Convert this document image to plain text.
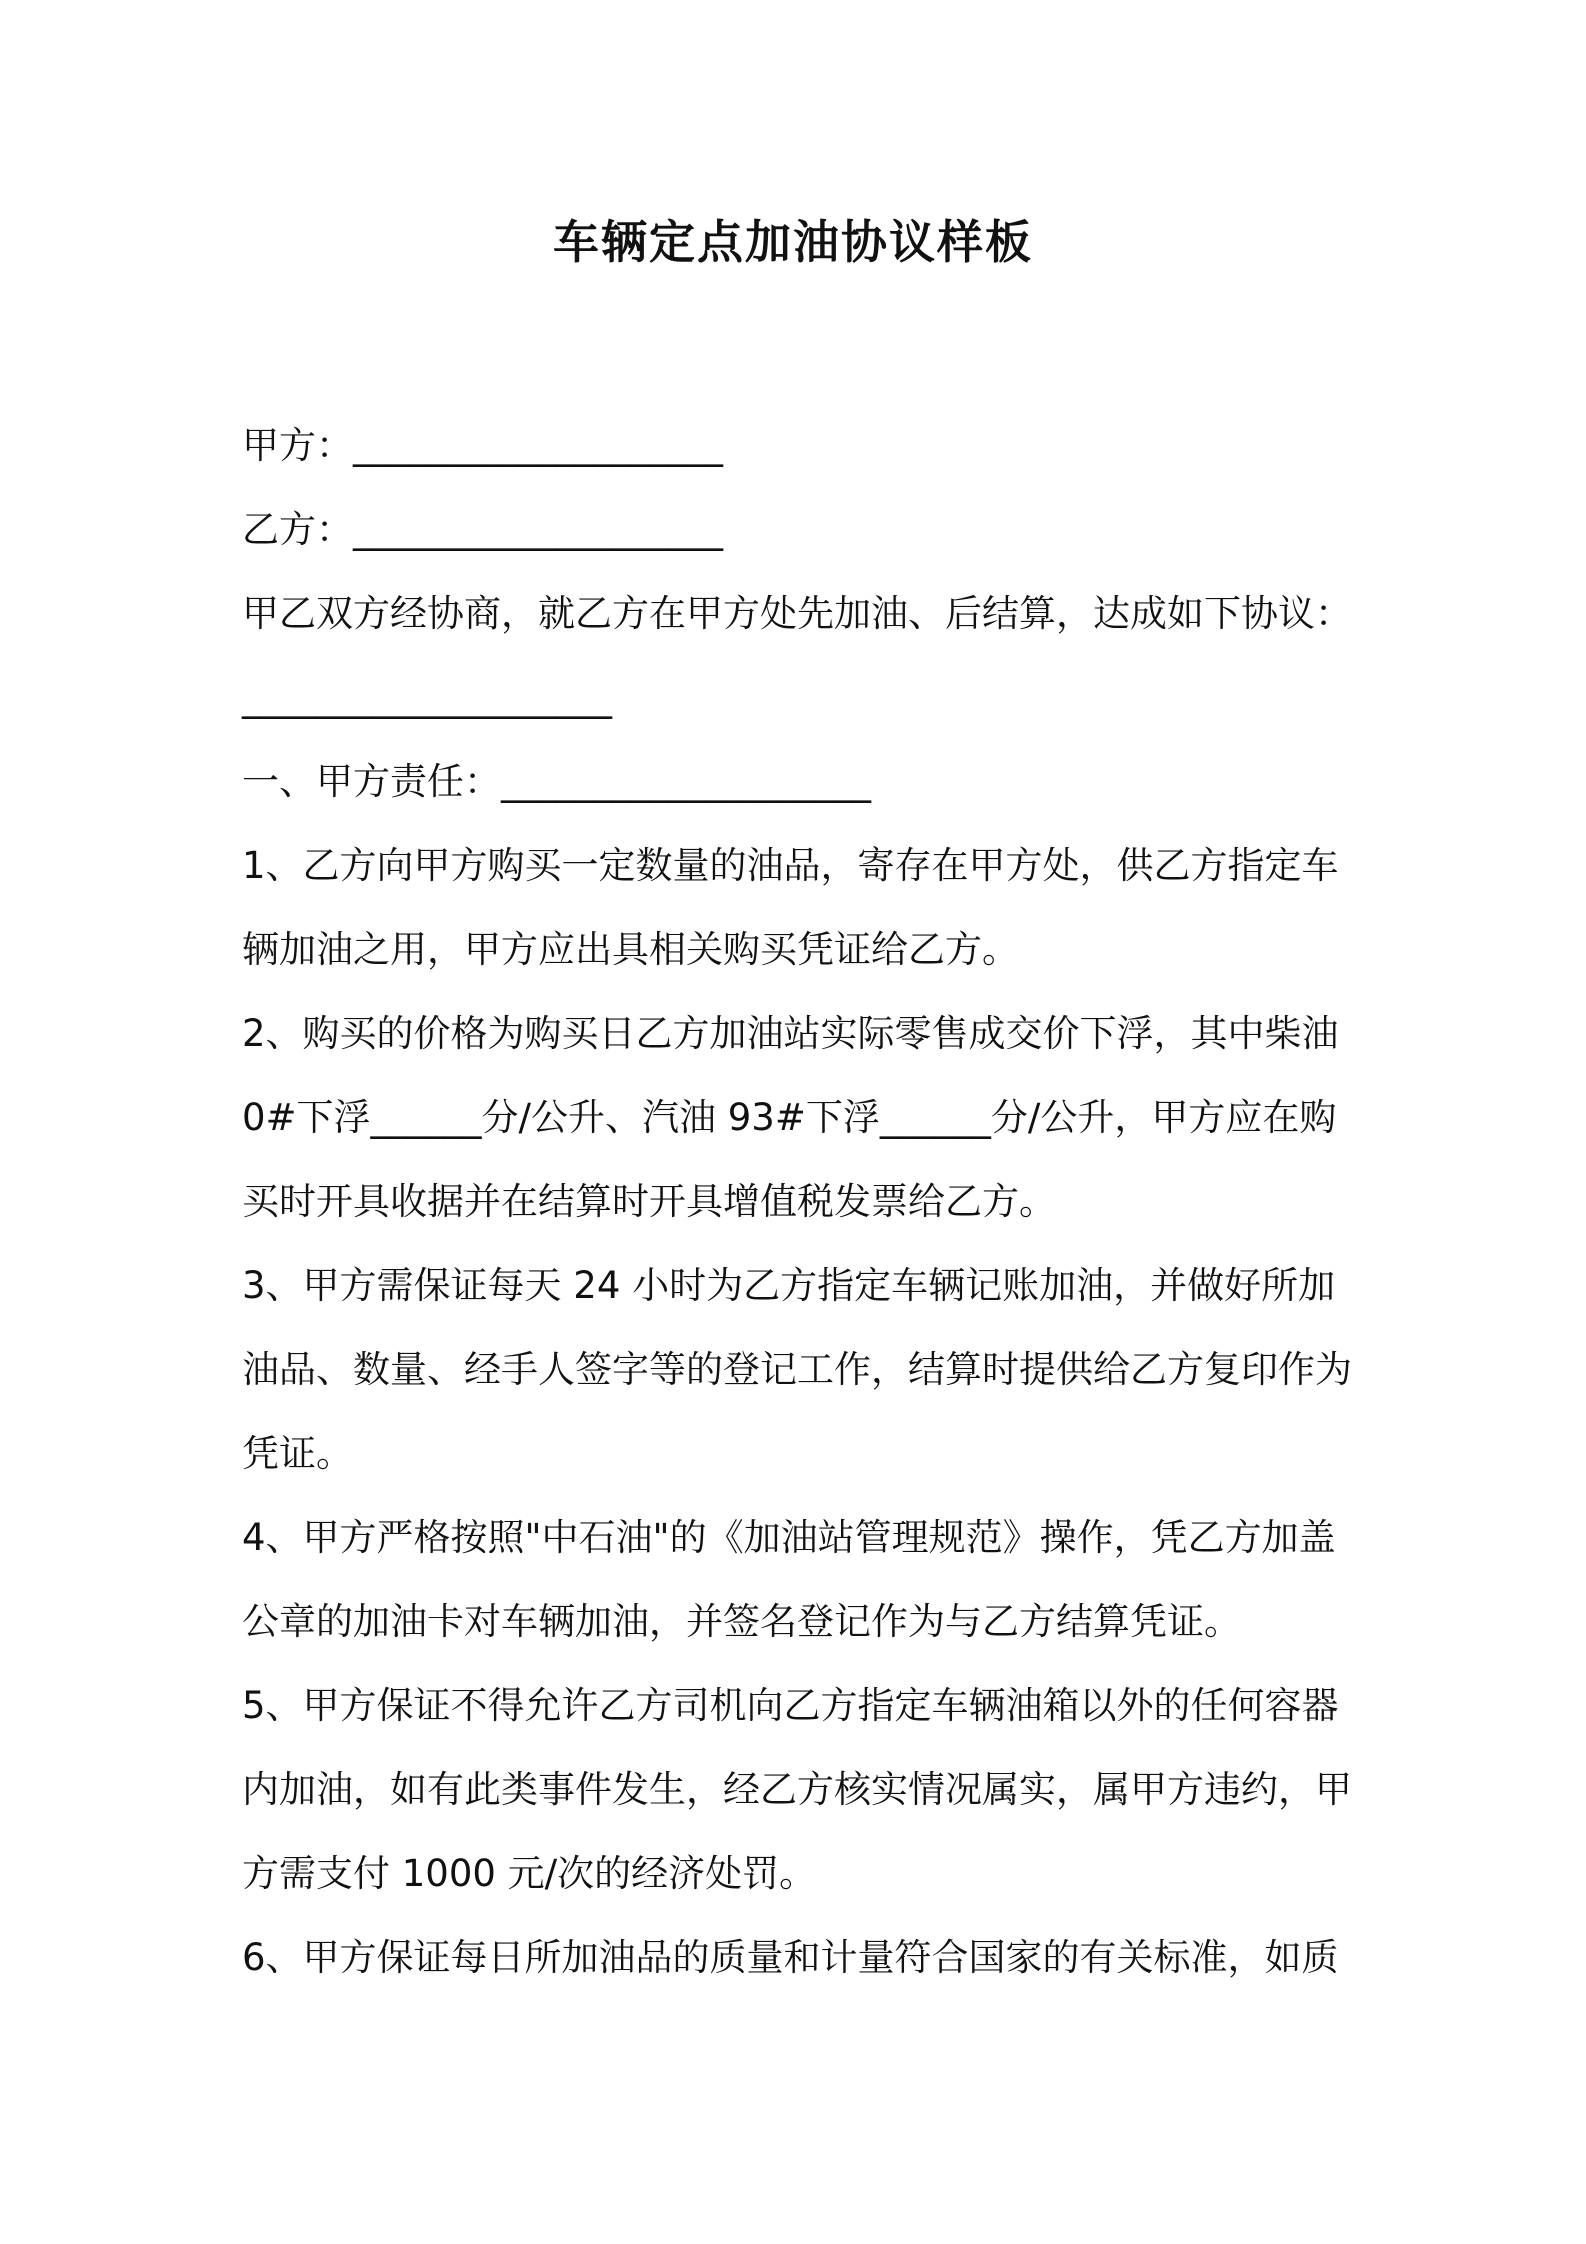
车辆定点加油协议样板

甲方：____________________

乙方：____________________

甲乙双方经协商，就乙方在甲方处先加油、后结算，达成如下协议：____________________

一、甲方责任：____________________

1、乙方向甲方购买一定数量的油品，寄存在甲方处，供乙方指定车辆加油之用，甲方应出具相关购买凭证给乙方。

2、购买的价格为购买日乙方加油站实际零售成交价下浮，其中柴油 0#下浮______分/公升、汽油 93#下浮______分/公升，甲方应在购买时开具收据并在结算时开具增值税发票给乙方。

3、甲方需保证每天 24 小时为乙方指定车辆记账加油，并做好所加油品、数量、经手人签字等的登记工作，结算时提供给乙方复印作为凭证。

4、甲方严格按照"中石油"的《加油站管理规范》操作，凭乙方加盖公章的加油卡对车辆加油，并签名登记作为与乙方结算凭证。

5、甲方保证不得允许乙方司机向乙方指定车辆油箱以外的任何容器内加油，如有此类事件发生，经乙方核实情况属实，属甲方违约，甲方需支付 1000 元/次的经济处罚。

6、甲方保证每日所加油品的质量和计量符合国家的有关标准，如质
